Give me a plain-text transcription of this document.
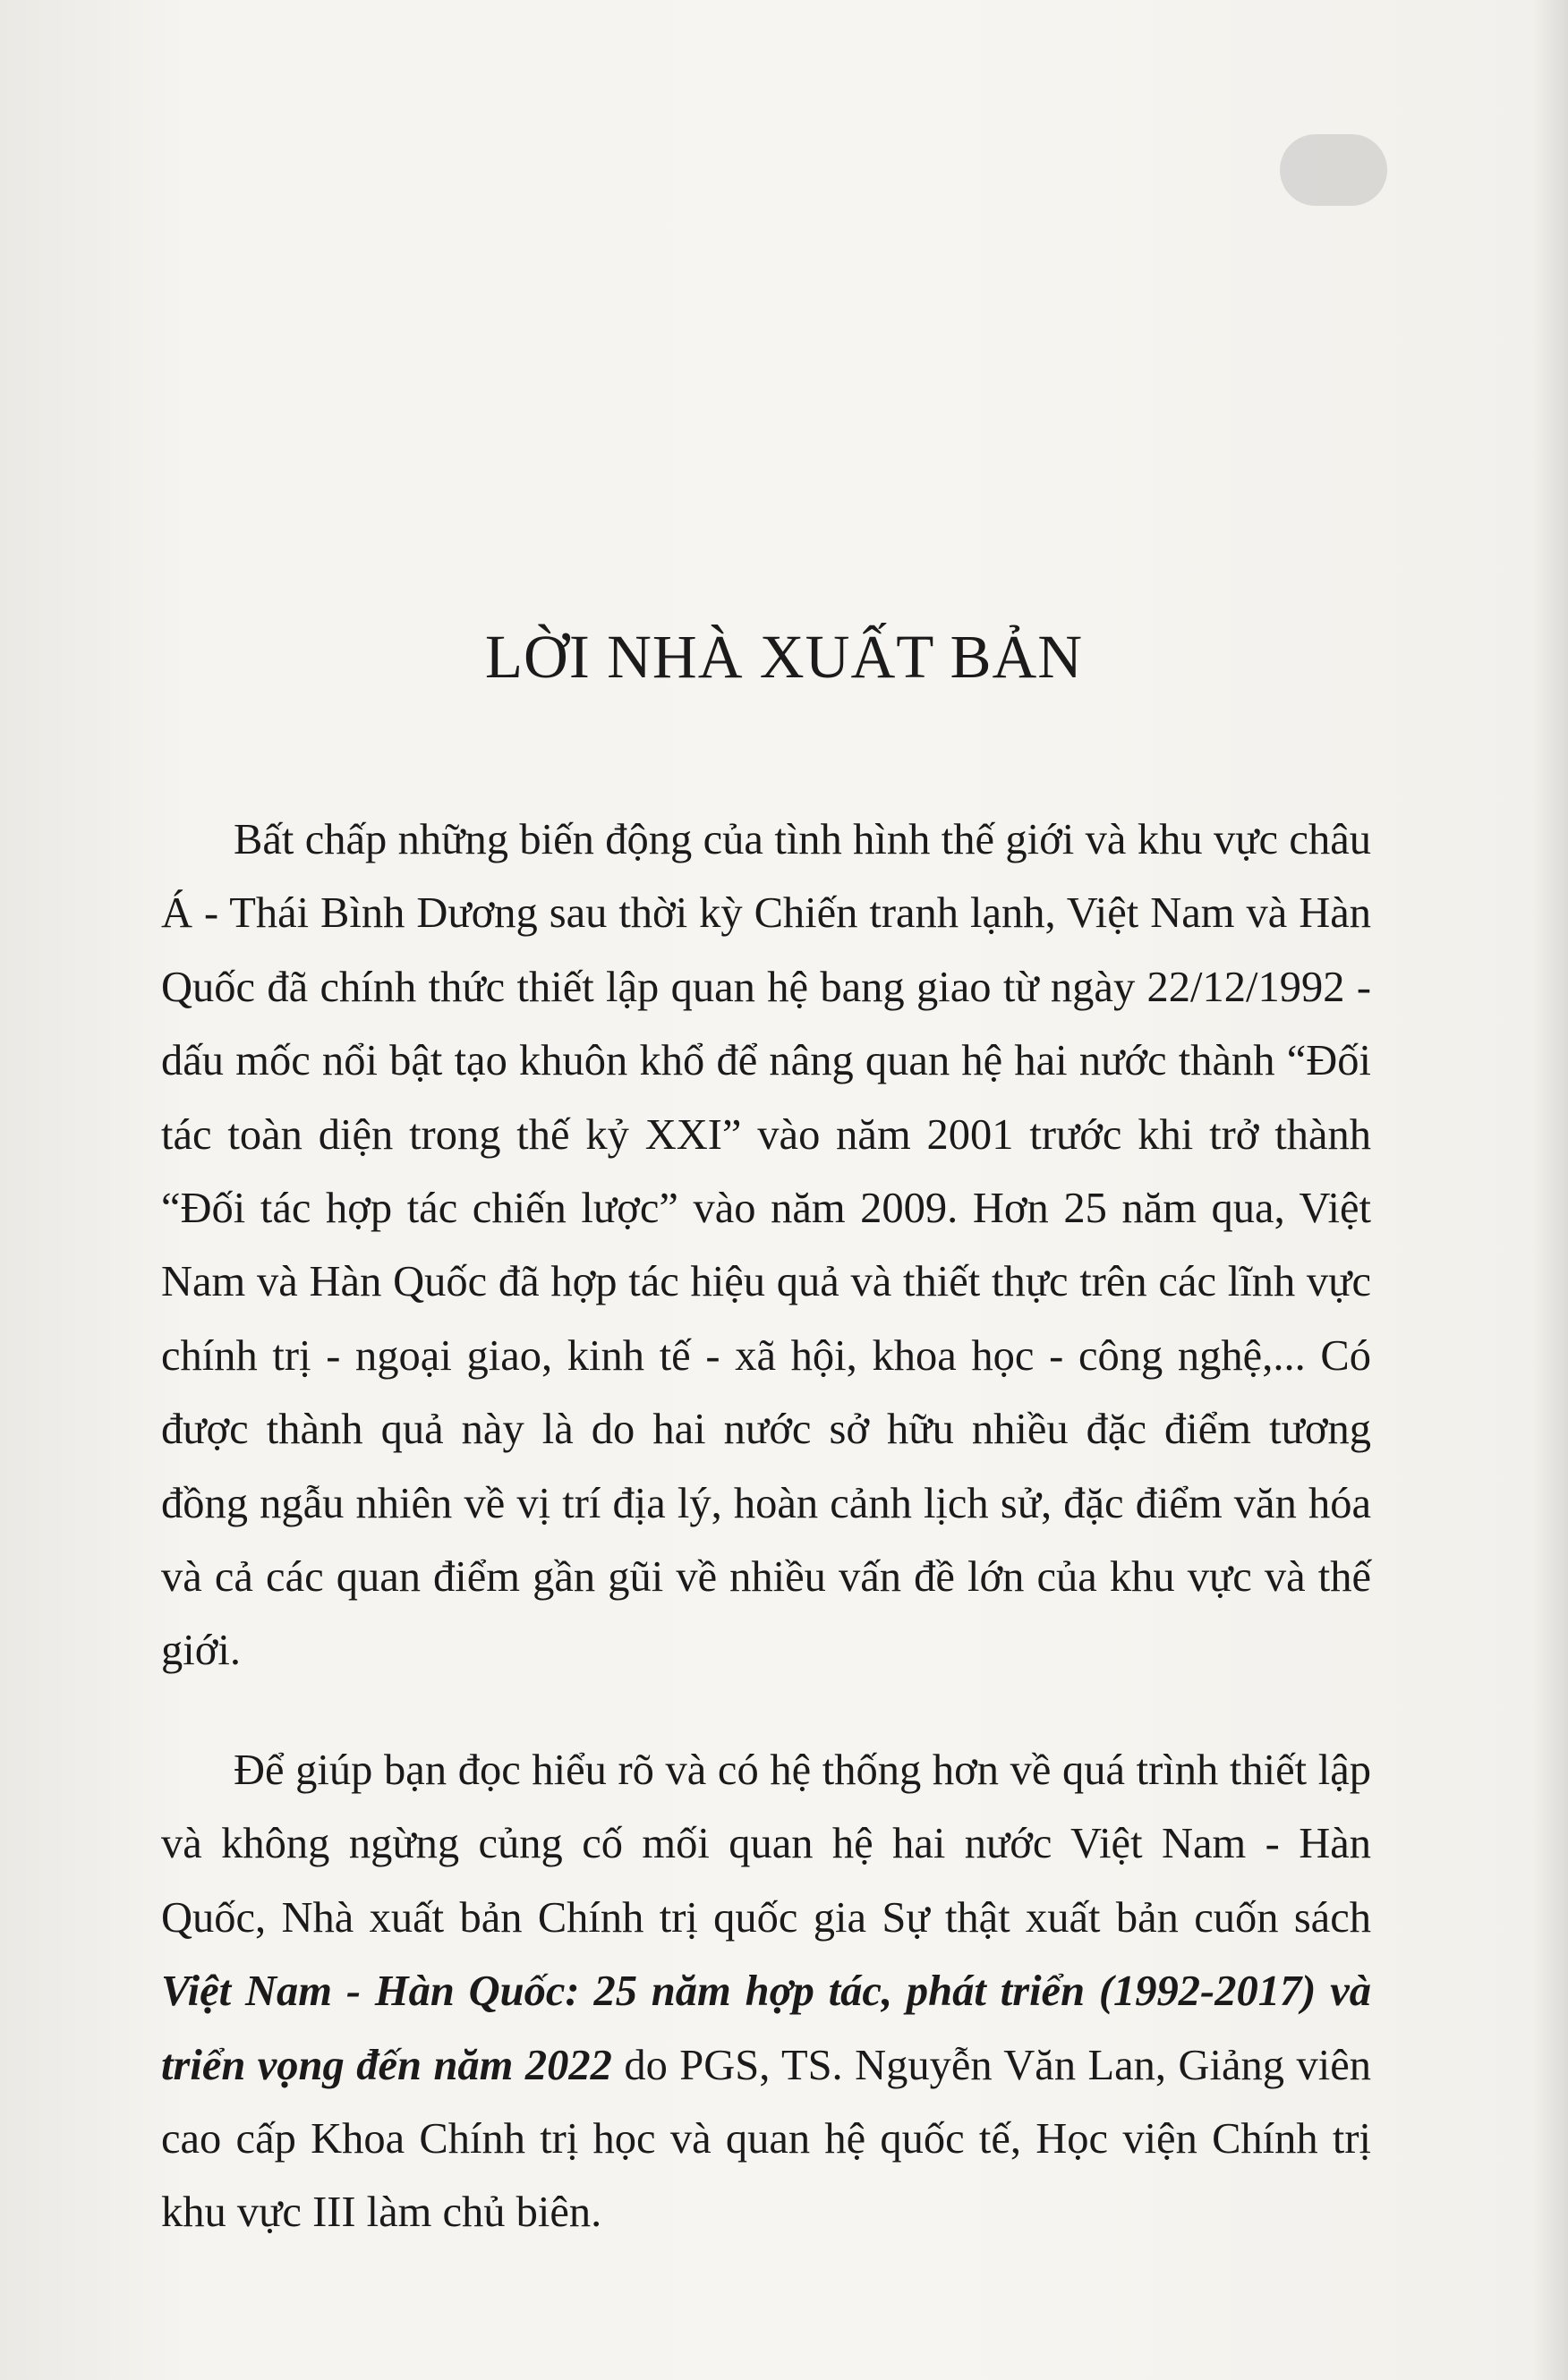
LỜI NHÀ XUẤT BẢN

Bất chấp những biến động của tình hình thế giới và khu vực châu Á - Thái Bình Dương sau thời kỳ Chiến tranh lạnh, Việt Nam và Hàn Quốc đã chính thức thiết lập quan hệ bang giao từ ngày 22/12/1992 - dấu mốc nổi bật tạo khuôn khổ để nâng quan hệ hai nước thành “Đối tác toàn diện trong thế kỷ XXI” vào năm 2001 trước khi trở thành “Đối tác hợp tác chiến lược” vào năm 2009. Hơn 25 năm qua, Việt Nam và Hàn Quốc đã hợp tác hiệu quả và thiết thực trên các lĩnh vực chính trị - ngoại giao, kinh tế - xã hội, khoa học - công nghệ,... Có được thành quả này là do hai nước sở hữu nhiều đặc điểm tương đồng ngẫu nhiên về vị trí địa lý, hoàn cảnh lịch sử, đặc điểm văn hóa và cả các quan điểm gần gũi về nhiều vấn đề lớn của khu vực và thế giới.

Để giúp bạn đọc hiểu rõ và có hệ thống hơn về quá trình thiết lập và không ngừng củng cố mối quan hệ hai nước Việt Nam - Hàn Quốc, Nhà xuất bản Chính trị quốc gia Sự thật xuất bản cuốn sách Việt Nam - Hàn Quốc: 25 năm hợp tác, phát triển (1992-2017) và triển vọng đến năm 2022 do PGS, TS. Nguyễn Văn Lan, Giảng viên cao cấp Khoa Chính trị học và quan hệ quốc tế, Học viện Chính trị khu vực III làm chủ biên.
